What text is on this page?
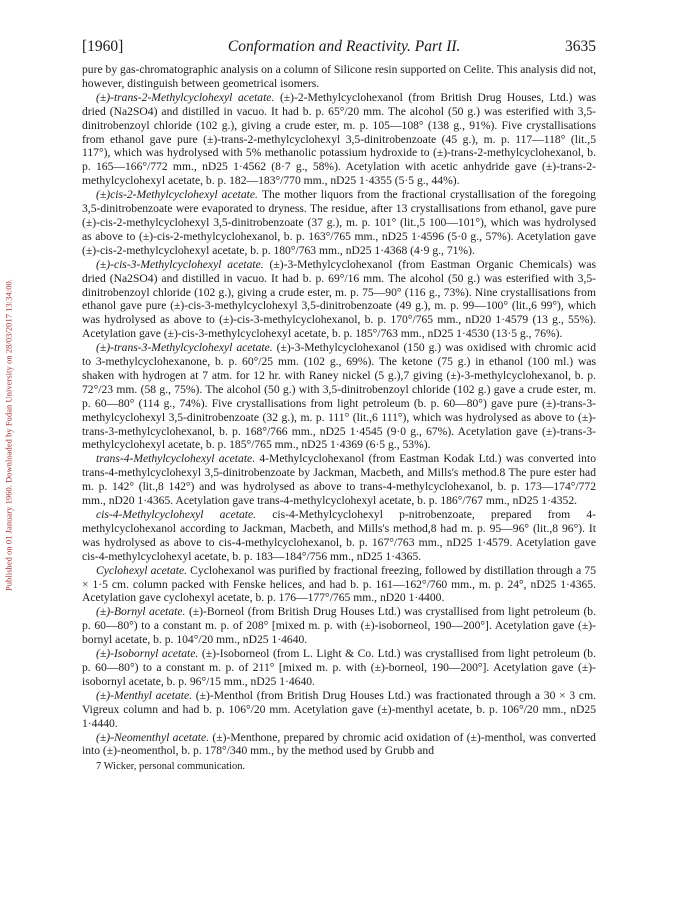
Published on 01 January 1960. Downloaded by Fudan University on 28/03/2017 13:34:00.
[1960]	Conformation and Reactivity. Part II.	3635

pure by gas-chromatographic analysis on a column of Silicone resin supported on Celite. This analysis did not, however, distinguish between geometrical isomers.

(±)-trans-2-Methylcyclohexyl acetate. (±)-2-Methylcyclohexanol (from British Drug Houses, Ltd.) was dried (Na2SO4) and distilled in vacuo. It had b. p. 65°/20 mm. The alcohol (50 g.) was esterified with 3,5-dinitrobenzoyl chloride (102 g.), giving a crude ester, m. p. 105—108° (138 g., 91%). Five crystallisations from ethanol gave pure (±)-trans-2-methylcyclohexyl 3,5-dinitrobenzoate (45 g.), m. p. 117—118° (lit.,5 117°), which was hydrolysed with 5% methanolic potassium hydroxide to (±)-trans-2-methylcyclohexanol, b. p. 165—166°/772 mm., nD25 1·4562 (8·7 g., 58%). Acetylation with acetic anhydride gave (±)-trans-2-methylcyclohexyl acetate, b. p. 182—183°/770 mm., nD25 1·4355 (5·5 g., 44%).

(±)cis-2-Methylcyclohexyl acetate. The mother liquors from the fractional crystallisation of the foregoing 3,5-dinitrobenzoate were evaporated to dryness. The residue, after 13 crystallisations from ethanol, gave pure (±)-cis-2-methylcyclohexyl 3,5-dinitrobenzoate (37 g.), m. p. 101° (lit.,5 100—101°), which was hydrolysed as above to (±)-cis-2-methylcyclohexanol, b. p. 163°/765 mm., nD25 1·4596 (5·0 g., 57%). Acetylation gave (±)-cis-2-methylcyclohexyl acetate, b. p. 180°/763 mm., nD25 1·4368 (4·9 g., 71%).

(±)-cis-3-Methylcyclohexyl acetate. (±)-3-Methylcyclohexanol (from Eastman Organic Chemicals) was dried (Na2SO4) and distilled in vacuo. It had b. p. 69°/16 mm. The alcohol (50 g.) was esterified with 3,5-dinitrobenzoyl chloride (102 g.), giving a crude ester, m. p. 75—90° (116 g., 73%). Nine crystallisations from ethanol gave pure (±)-cis-3-methylcyclohexyl 3,5-dinitrobenzoate (49 g.), m. p. 99—100° (lit.,6 99°), which was hydrolysed as above to (±)-cis-3-methylcyclohexanol, b. p. 170°/765 mm., nD20 1·4579 (13 g., 55%). Acetylation gave (±)-cis-3-methylcyclohexyl acetate, b. p. 185°/763 mm., nD25 1·4530 (13·5 g., 76%).

(±)-trans-3-Methylcyclohexyl acetate. (±)-3-Methylcyclohexanol (150 g.) was oxidised with chromic acid to 3-methylcyclohexanone, b. p. 60°/25 mm. (102 g., 69%). The ketone (75 g.) in ethanol (100 ml.) was shaken with hydrogen at 7 atm. for 12 hr. with Raney nickel (5 g.),7 giving (±)-3-methylcyclohexanol, b. p. 72°/23 mm. (58 g., 75%). The alcohol (50 g.) with 3,5-dinitrobenzoyl chloride (102 g.) gave a crude ester, m. p. 60—80° (114 g., 74%). Five crystallisations from light petroleum (b. p. 60—80°) gave pure (±)-trans-3-methylcyclohexyl 3,5-dinitrobenzoate (32 g.), m. p. 111° (lit.,6 111°), which was hydrolysed as above to (±)-trans-3-methylcyclohexanol, b. p. 168°/766 mm., nD25 1·4545 (9·0 g., 67%). Acetylation gave (±)-trans-3-methylcyclohexyl acetate, b. p. 185°/765 mm., nD25 1·4369 (6·5 g., 53%).

trans-4-Methylcyclohexyl acetate. 4-Methylcyclohexanol (from Eastman Kodak Ltd.) was converted into trans-4-methylcyclohexyl 3,5-dinitrobenzoate by Jackman, Macbeth, and Mills's method.8 The pure ester had m. p. 142° (lit.,8 142°) and was hydrolysed as above to trans-4-methylcyclohexanol, b. p. 173—174°/772 mm., nD20 1·4365. Acetylation gave trans-4-methylcyclohexyl acetate, b. p. 186°/767 mm., nD25 1·4352.

cis-4-Methylcyclohexyl acetate. cis-4-Methylcyclohexyl p-nitrobenzoate, prepared from 4-methylcyclohexanol according to Jackman, Macbeth, and Mills's method,8 had m. p. 95—96° (lit.,8 96°). It was hydrolysed as above to cis-4-methylcyclohexanol, b. p. 167°/763 mm., nD25 1·4579. Acetylation gave cis-4-methylcyclohexyl acetate, b. p. 183—184°/756 mm., nD25 1·4365.

Cyclohexyl acetate. Cyclohexanol was purified by fractional freezing, followed by distillation through a 75 × 1·5 cm. column packed with Fenske helices, and had b. p. 161—162°/760 mm., m. p. 24°, nD25 1·4365. Acetylation gave cyclohexyl acetate, b. p. 176—177°/765 mm., nD20 1·4400.

(±)-Bornyl acetate. (±)-Borneol (from British Drug Houses Ltd.) was crystallised from light petroleum (b. p. 60—80°) to a constant m. p. of 208° [mixed m. p. with (±)-isoborneol, 190—200°]. Acetylation gave (±)-bornyl acetate, b. p. 104°/20 mm., nD25 1·4640.

(±)-Isobornyl acetate. (±)-Isoborneol (from L. Light & Co. Ltd.) was crystallised from light petroleum (b. p. 60—80°) to a constant m. p. of 211° [mixed m. p. with (±)-borneol, 190—200°]. Acetylation gave (±)-isobornyl acetate, b. p. 96°/15 mm., nD25 1·4640.

(±)-Menthyl acetate. (±)-Menthol (from British Drug Houses Ltd.) was fractionated through a 30 × 3 cm. Vigreux column and had b. p. 106°/20 mm. Acetylation gave (±)-menthyl acetate, b. p. 106°/20 mm., nD25 1·4440.

(±)-Neomenthyl acetate. (±)-Menthone, prepared by chromic acid oxidation of (±)-menthol, was converted into (±)-neomenthol, b. p. 178°/340 mm., by the method used by Grubb and

7 Wicker, personal communication.
